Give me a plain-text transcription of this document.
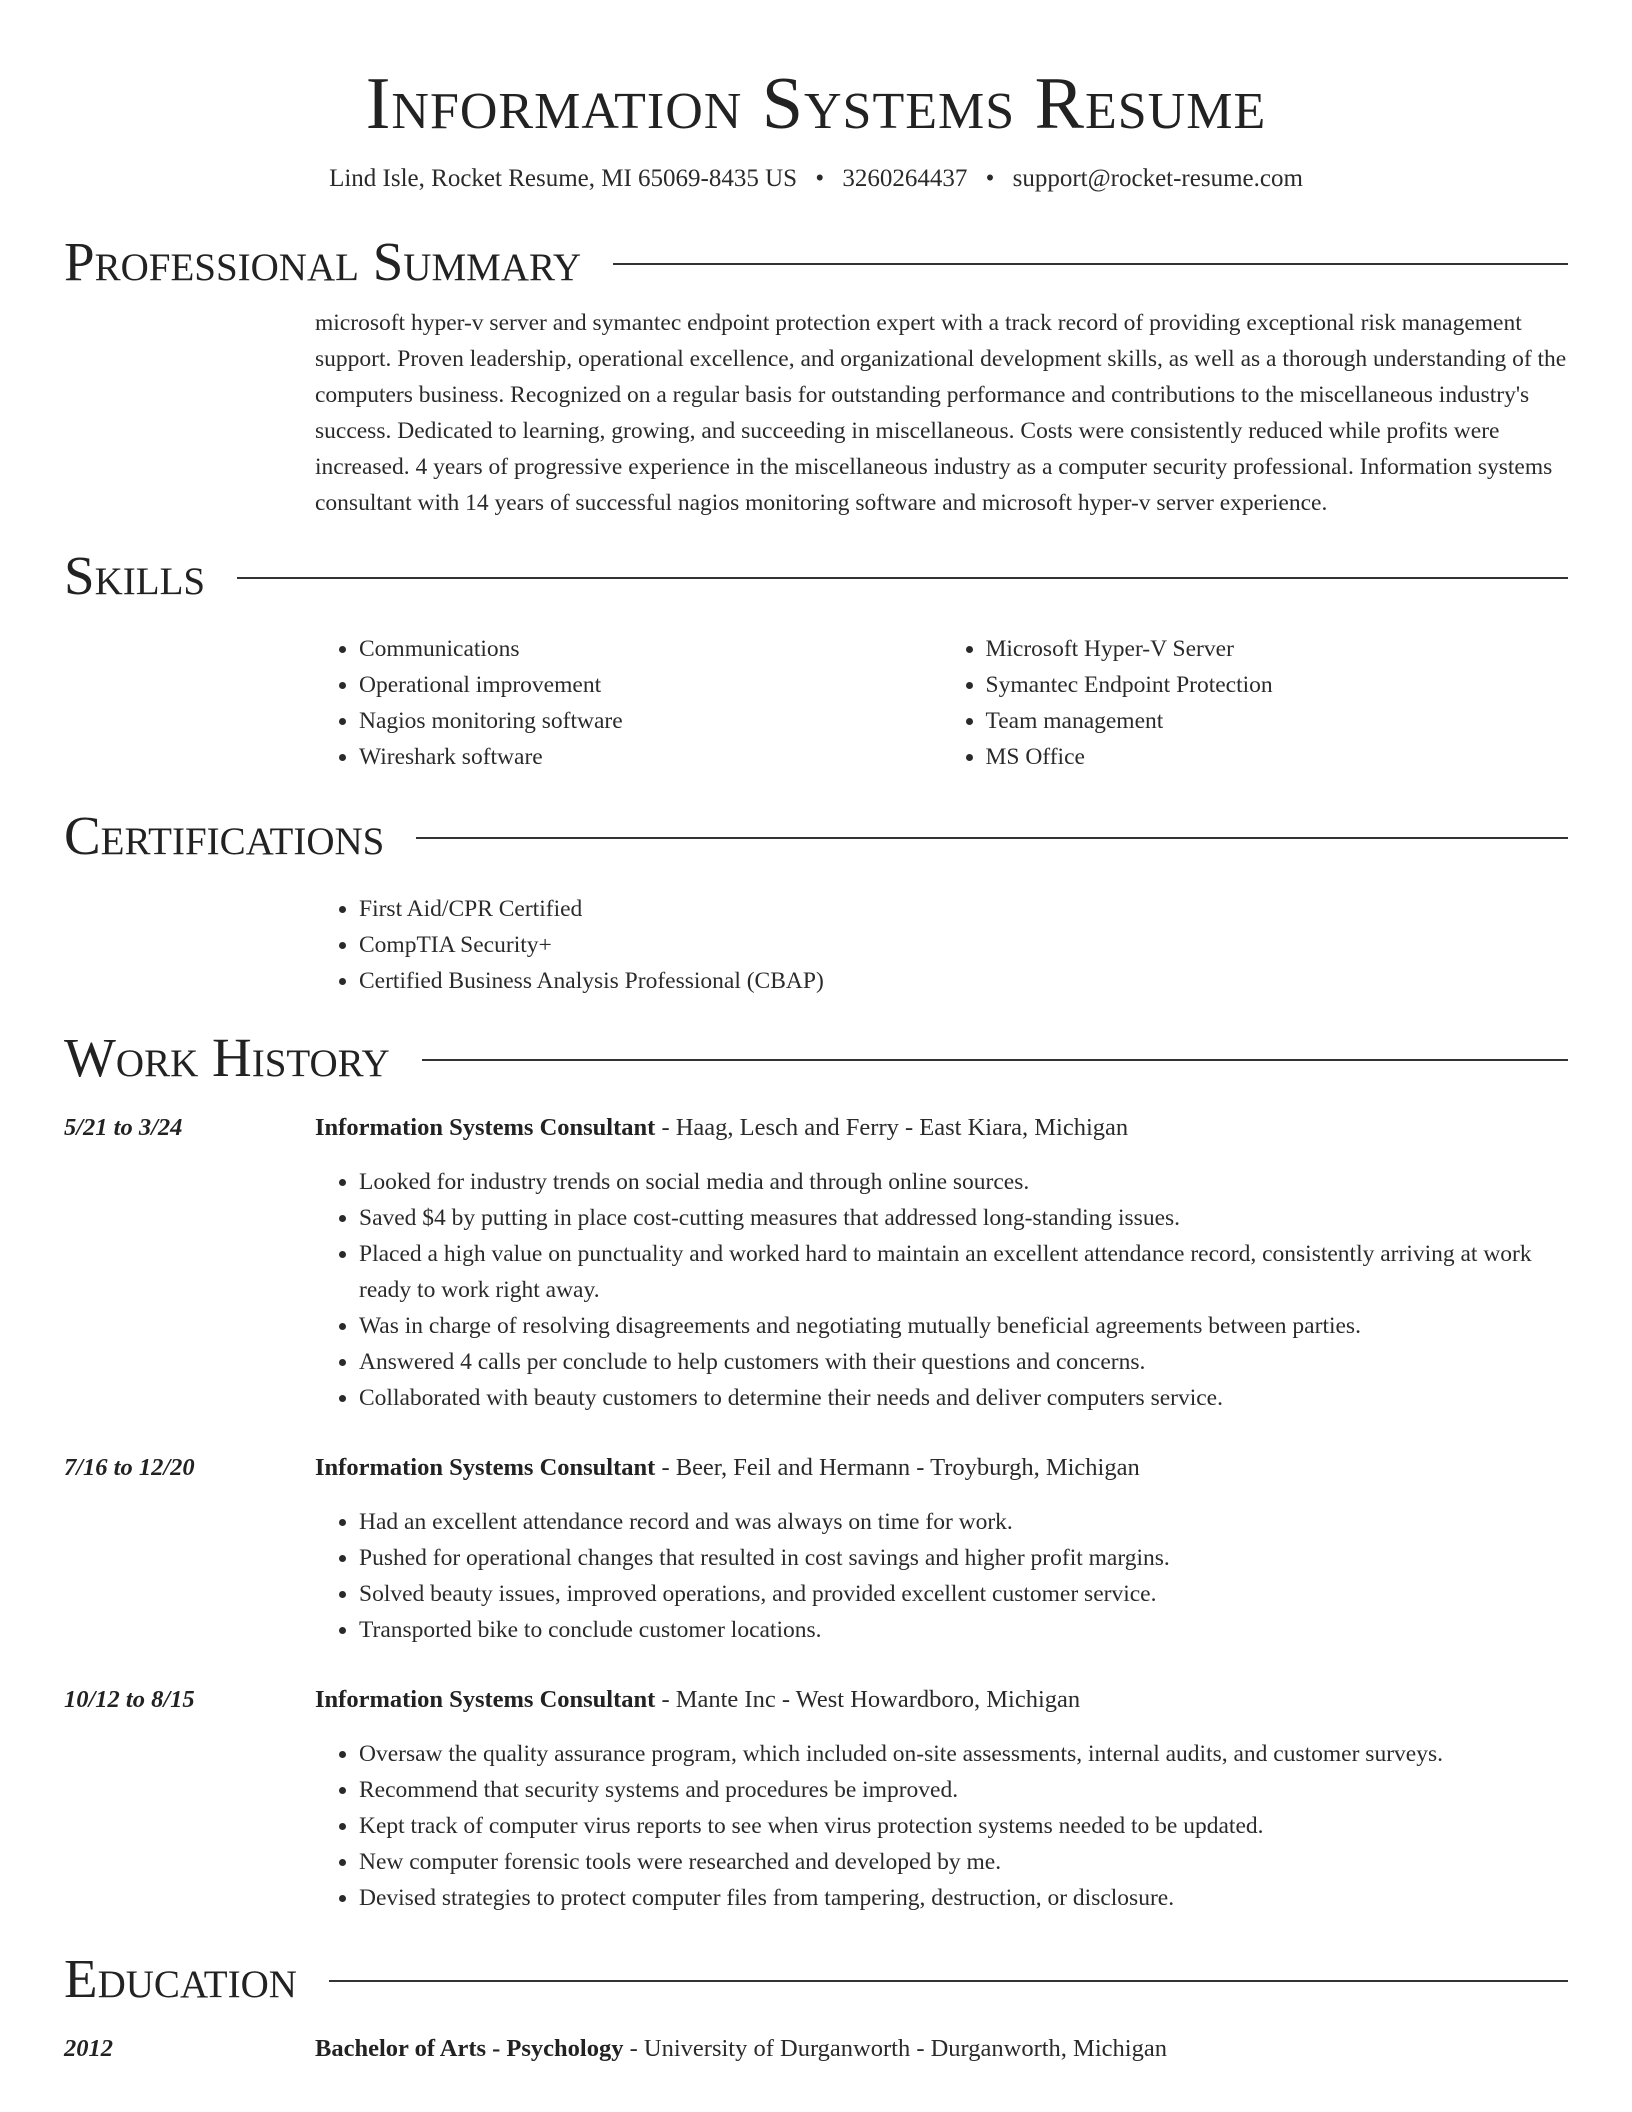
Information Systems Resume
Lind Isle, Rocket Resume, MI 65069-8435 US • 3260264437 • support@rocket-resume.com
Professional Summary

microsoft hyper-v server and symantec endpoint protection expert with a track record of providing exceptional risk management support. Proven leadership, operational excellence, and organizational development skills, as well as a thorough understanding of the computers business. Recognized on a regular basis for outstanding performance and contributions to the miscellaneous industry's success. Dedicated to learning, growing, and succeeding in miscellaneous. Costs were consistently reduced while profits were increased. 4 years of progressive experience in the miscellaneous industry as a computer security professional. Information systems consultant with 14 years of successful nagios monitoring software and microsoft hyper-v server experience.

Skills
• Communications
• Operational improvement
• Nagios monitoring software
• Wireshark software
• Microsoft Hyper-V Server
• Symantec Endpoint Protection
• Team management
• MS Office
Certifications
• First Aid/CPR Certified
• CompTIA Security+
• Certified Business Analysis Professional (CBAP)
Work History
5/21 to 3/24	Information Systems Consultant - Haag, Lesch and Ferry - East Kiara, Michigan
• Looked for industry trends on social media and through online sources.
• Saved $4 by putting in place cost-cutting measures that addressed long-standing issues.
• Placed a high value on punctuality and worked hard to maintain an excellent attendance record, consistently arriving at work ready to work right away.
• Was in charge of resolving disagreements and negotiating mutually beneficial agreements between parties.
• Answered 4 calls per conclude to help customers with their questions and concerns.
• Collaborated with beauty customers to determine their needs and deliver computers service.
7/16 to 12/20	Information Systems Consultant - Beer, Feil and Hermann - Troyburgh, Michigan
• Had an excellent attendance record and was always on time for work.
• Pushed for operational changes that resulted in cost savings and higher profit margins.
• Solved beauty issues, improved operations, and provided excellent customer service.
• Transported bike to conclude customer locations.
10/12 to 8/15	Information Systems Consultant - Mante Inc - West Howardboro, Michigan
• Oversaw the quality assurance program, which included on-site assessments, internal audits, and customer surveys.
• Recommend that security systems and procedures be improved.
• Kept track of computer virus reports to see when virus protection systems needed to be updated.
• New computer forensic tools were researched and developed by me.
• Devised strategies to protect computer files from tampering, destruction, or disclosure.
Education
2012	Bachelor of Arts - Psychology - University of Durganworth - Durganworth, Michigan
